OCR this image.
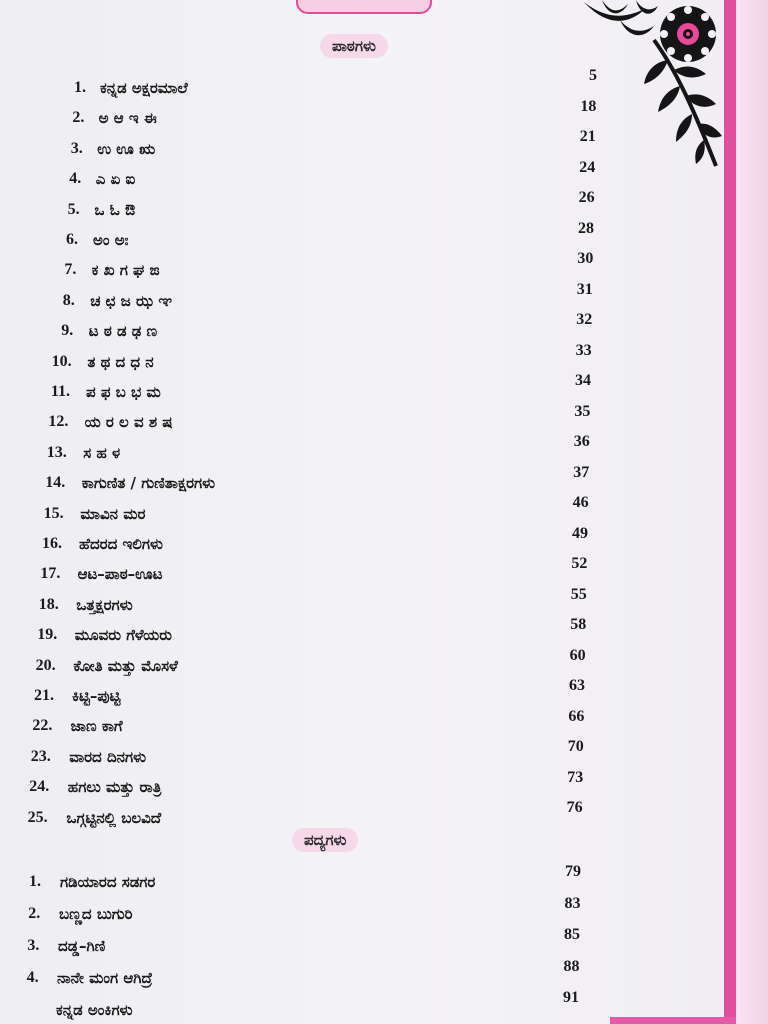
ಪಾಠಗಳು
ಪದ್ಯಗಳು
1. ಕನ್ನಡ ಅಕ್ಷರಮಾಲೆ
5
2. ಅ ಆ ಇ ಈ
18
3. ಉ ಊ ಋ
21
4. ಎ ಏ ಐ
24
5. ಒ ಓ ಔ
26
6. ಅಂ ಅಃ
28
7. ಕ ಖ ಗ ಘ ಙ
30
8. ಚ ಛ ಜ ಝ ಞ
31
9. ಟ ಠ ಡ ಢ ಣ
32
10. ತ ಥ ದ ಧ ನ
33
11. ಪ ಫ ಬ ಭ ಮ
34
12. ಯ ರ ಲ ವ ಶ ಷ
35
13. ಸ ಹ ಳ
36
14. ಕಾಗುಣಿತ / ಗುಣಿತಾಕ್ಷರಗಳು
37
15. ಮಾವಿನ ಮರ
46
16. ಹೆದರದ ಇಲಿಗಳು
49
17. ಆಟ–ಪಾಠ–ಊಟ
52
18. ಒತ್ತಕ್ಷರಗಳು
55
19. ಮೂವರು ಗೆಳೆಯರು
58
20. ಕೋತಿ ಮತ್ತು ಮೊಸಳೆ
60
21. ಕಿಟ್ಟಿ–ಪುಟ್ಟಿ
63
22. ಜಾಣ ಕಾಗೆ
66
23. ವಾರದ ದಿನಗಳು
70
24. ಹಗಲು ಮತ್ತು ರಾತ್ರಿ
73
25. ಒಗ್ಗಟ್ಟಿನಲ್ಲಿ ಬಲವಿದೆ
76
1. ಗಡಿಯಾರದ ಸಡಗರ
79
2. ಬಣ್ಣದ ಬುಗುರಿ
83
3. ದಡ್ಡ–ಗಿಣಿ
85
4. ನಾನೇ ಮಂಗ ಆಗಿದ್ರೆ
88
ಕನ್ನಡ ಅಂಕಿಗಳು
91
